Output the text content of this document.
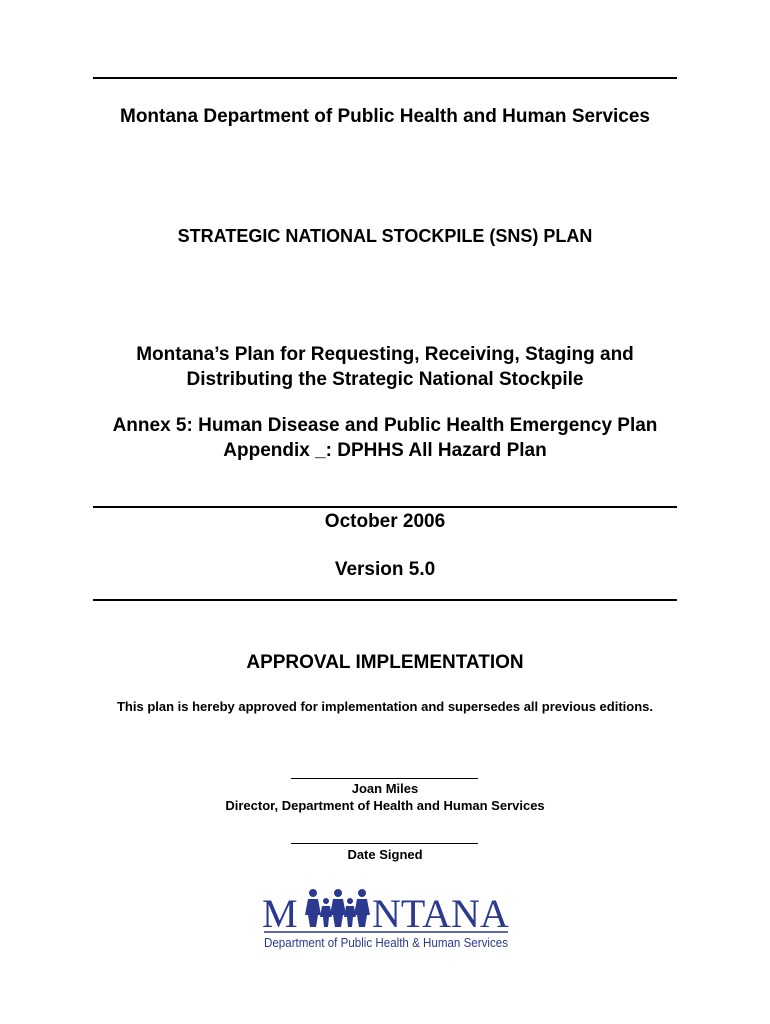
Montana Department of Public Health and Human Services
STRATEGIC NATIONAL STOCKPILE (SNS) PLAN
Montana’s Plan for Requesting, Receiving, Staging and
Distributing the Strategic National Stockpile
Annex 5: Human Disease and Public Health Emergency Plan
Appendix _: DPHHS All Hazard Plan
October 2006
Version 5.0
APPROVAL IMPLEMENTATION
This plan is hereby approved for implementation and supersedes all previous editions.
Joan Miles
Director, Department of Health and Human Services
Date Signed
M NTANA
Department of Public Health & Human Services
